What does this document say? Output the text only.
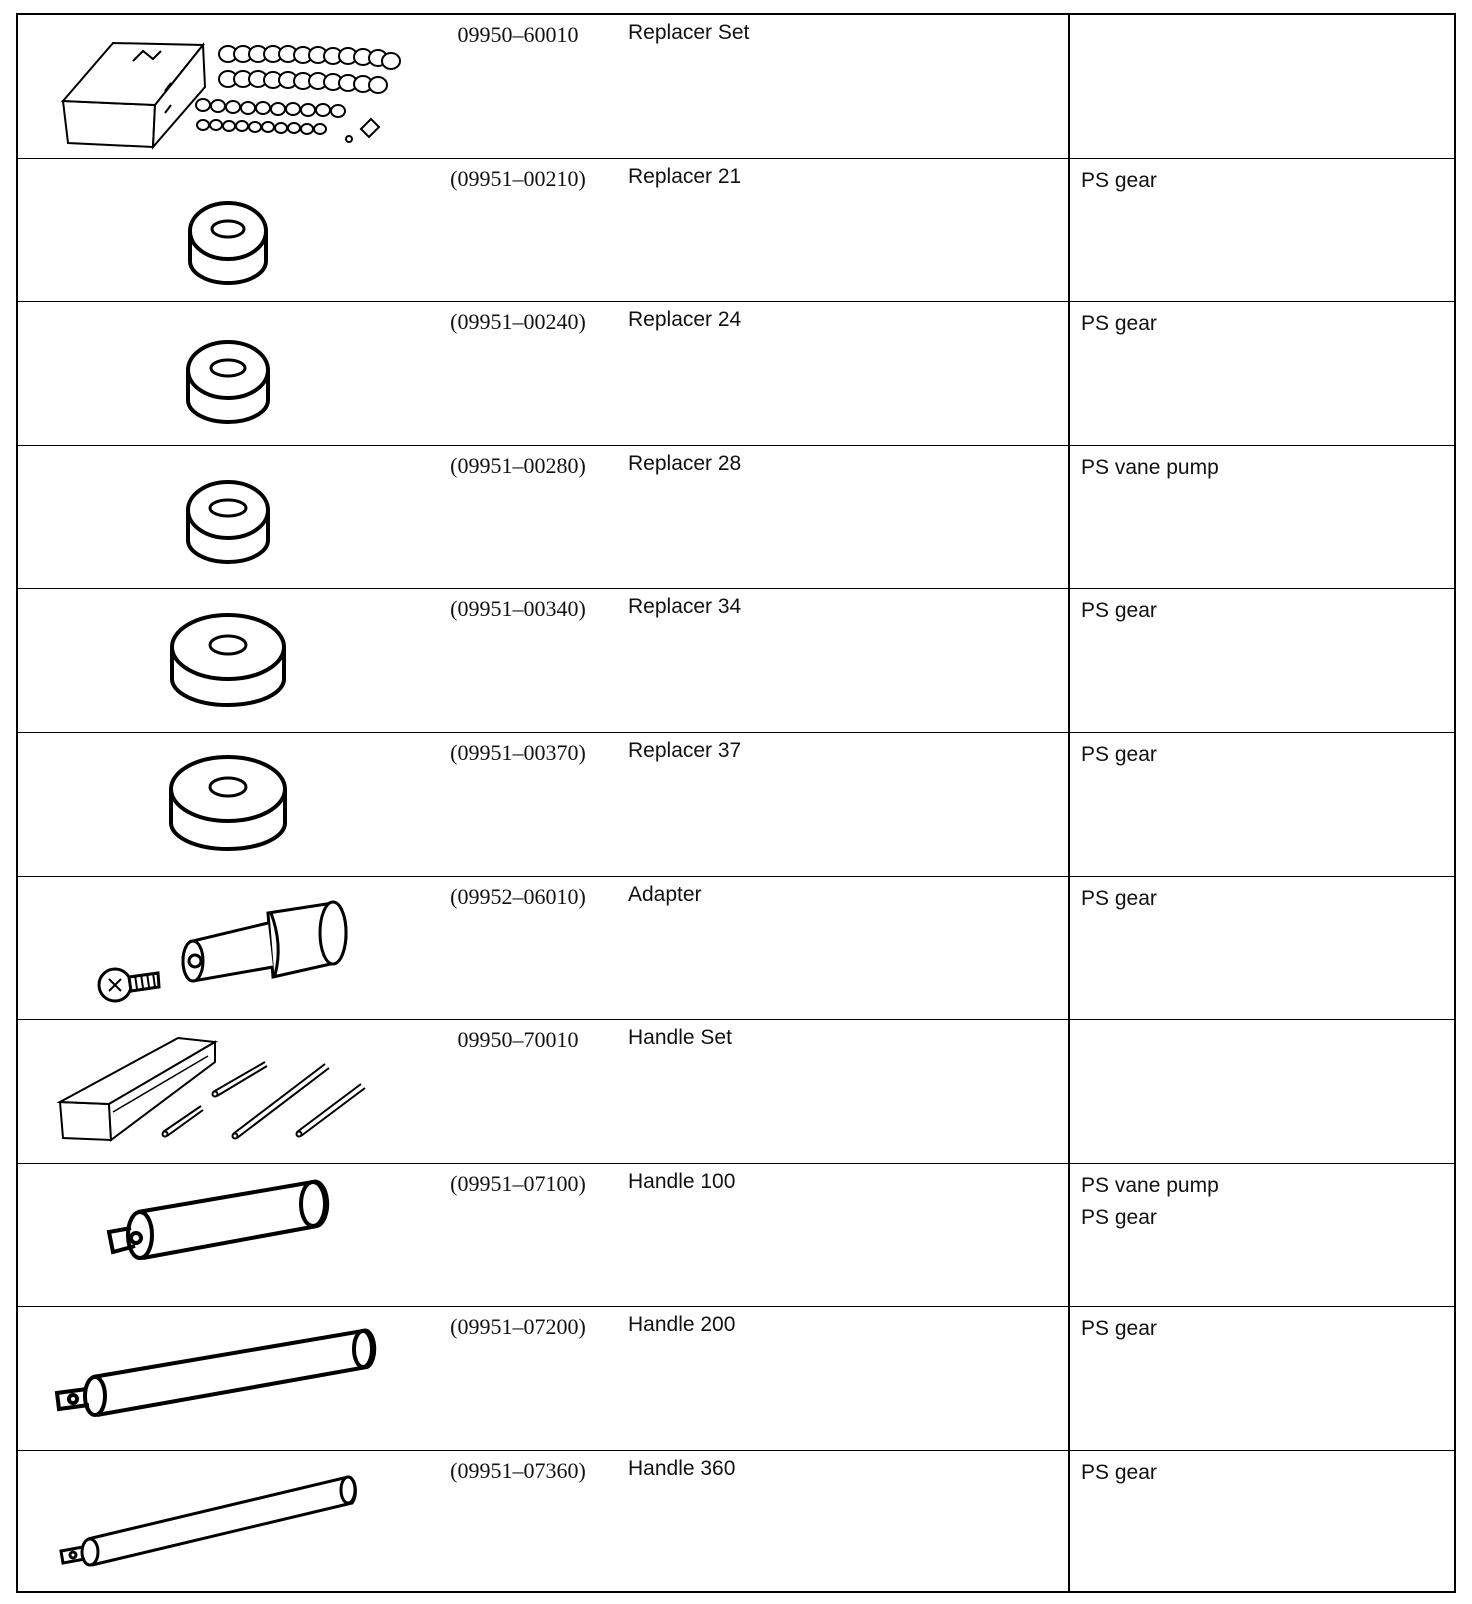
09950–60010	Replacer Set
(09951–00210)	Replacer 21	PS gear
(09951–00240)	Replacer 24	PS gear
(09951–00280)	Replacer 28	PS vane pump
(09951–00340)	Replacer 34	PS gear
(09951–00370)	Replacer 37	PS gear
(09952–06010)	Adapter	PS gear
09950–70010	Handle Set
(09951–07100)	Handle 100	PS vane pump
PS gear
(09951–07200)	Handle 200	PS gear
(09951–07360)	Handle 360	PS gear
